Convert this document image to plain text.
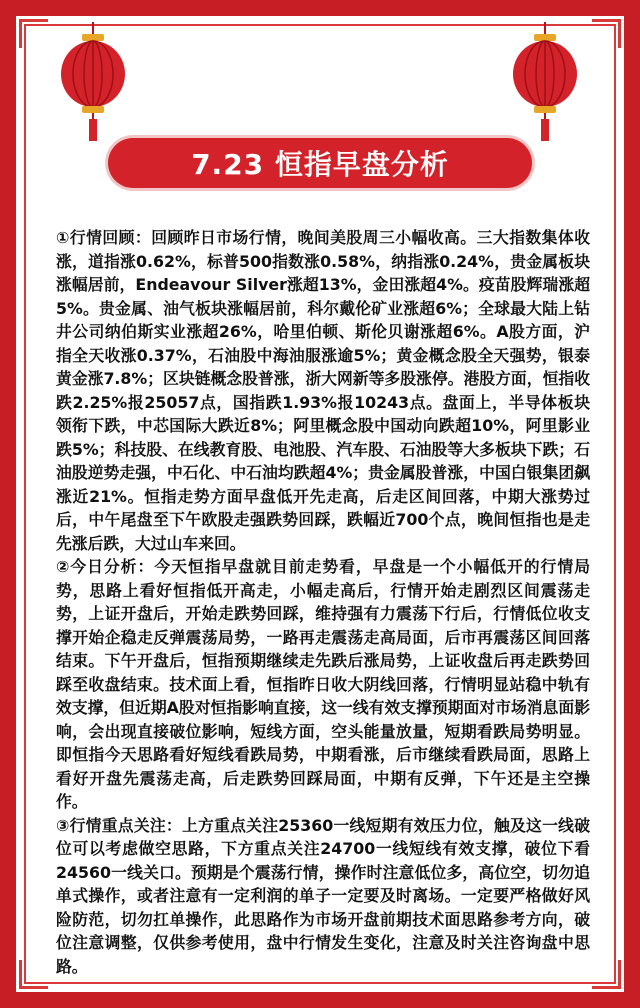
7.23 恒指早盘分析

①行情回顾：回顾昨日市场行情，晚间美股周三小幅收高。三大指数集体收涨，道指涨0.62%，标普500指数涨0.58%，纳指涨0.24%，贵金属板块涨幅居前，Endeavour Silver涨超13%，金田涨超4%。疫苗股辉瑞涨超5%。贵金属、油气板块涨幅居前，科尔戴伦矿业涨超6%；全球最大陆上钻井公司纳伯斯实业涨超26%，哈里伯顿、斯伦贝谢涨超6%。A股方面，沪指全天收涨0.37%，石油股中海油服涨逾5%；黄金概念股全天强势，银泰黄金涨7.8%；区块链概念股普涨，浙大网新等多股涨停。港股方面，恒指收跌2.25%报25057点，国指跌1.93%报10243点。盘面上，半导体板块领衔下跌，中芯国际大跌近8%；阿里概念股中国动向跌超10%，阿里影业跌5%；科技股、在线教育股、电池股、汽车股、石油股等大多板块下跌；石油股逆势走强，中石化、中石油均跌超4%；贵金属股普涨，中国白银集团飙涨近21%。恒指走势方面早盘低开先走高，后走区间回落，中期大涨势过后，中午尾盘至下午欧股走强跌势回踩，跌幅近700个点，晚间恒指也是走先涨后跌，大过山车来回。

②今日分析：今天恒指早盘就目前走势看，早盘是一个小幅低开的行情局势，思路上看好恒指低开高走，小幅走高后，行情开始走剧烈区间震荡走势，上证开盘后，开始走跌势回踩，维持强有力震荡下行后，行情低位收支撑开始企稳走反弹震荡局势，一路再走震荡走高局面，后市再震荡区间回落结束。下午开盘后，恒指预期继续走先跌后涨局势，上证收盘后再走跌势回踩至收盘结束。技术面上看，恒指昨日收大阴线回落，行情明显站稳中轨有效支撑，但近期A股对恒指影响直接，这一线有效支撑预期面对市场消息面影响，会出现直接破位影响，短线方面，空头能量放量，短期看跌局势明显。即恒指今天思路看好短线看跌局势，中期看涨，后市继续看跌局面，思路上看好开盘先震荡走高，后走跌势回踩局面，中期有反弹，下午还是主空操作。

③行情重点关注：上方重点关注25360一线短期有效压力位，触及这一线破位可以考虑做空思路，下方重点关注24700一线短线有效支撑，破位下看24560一线关口。预期是个震荡行情，操作时注意低位多，高位空，切勿追单式操作，或者注意有一定利润的单子一定要及时离场。一定要严格做好风险防范，切勿扛单操作，此思路作为市场开盘前期技术面思路参考方向，破位注意调整，仅供参考使用，盘中行情发生变化，注意及时关注咨询盘中思路。
